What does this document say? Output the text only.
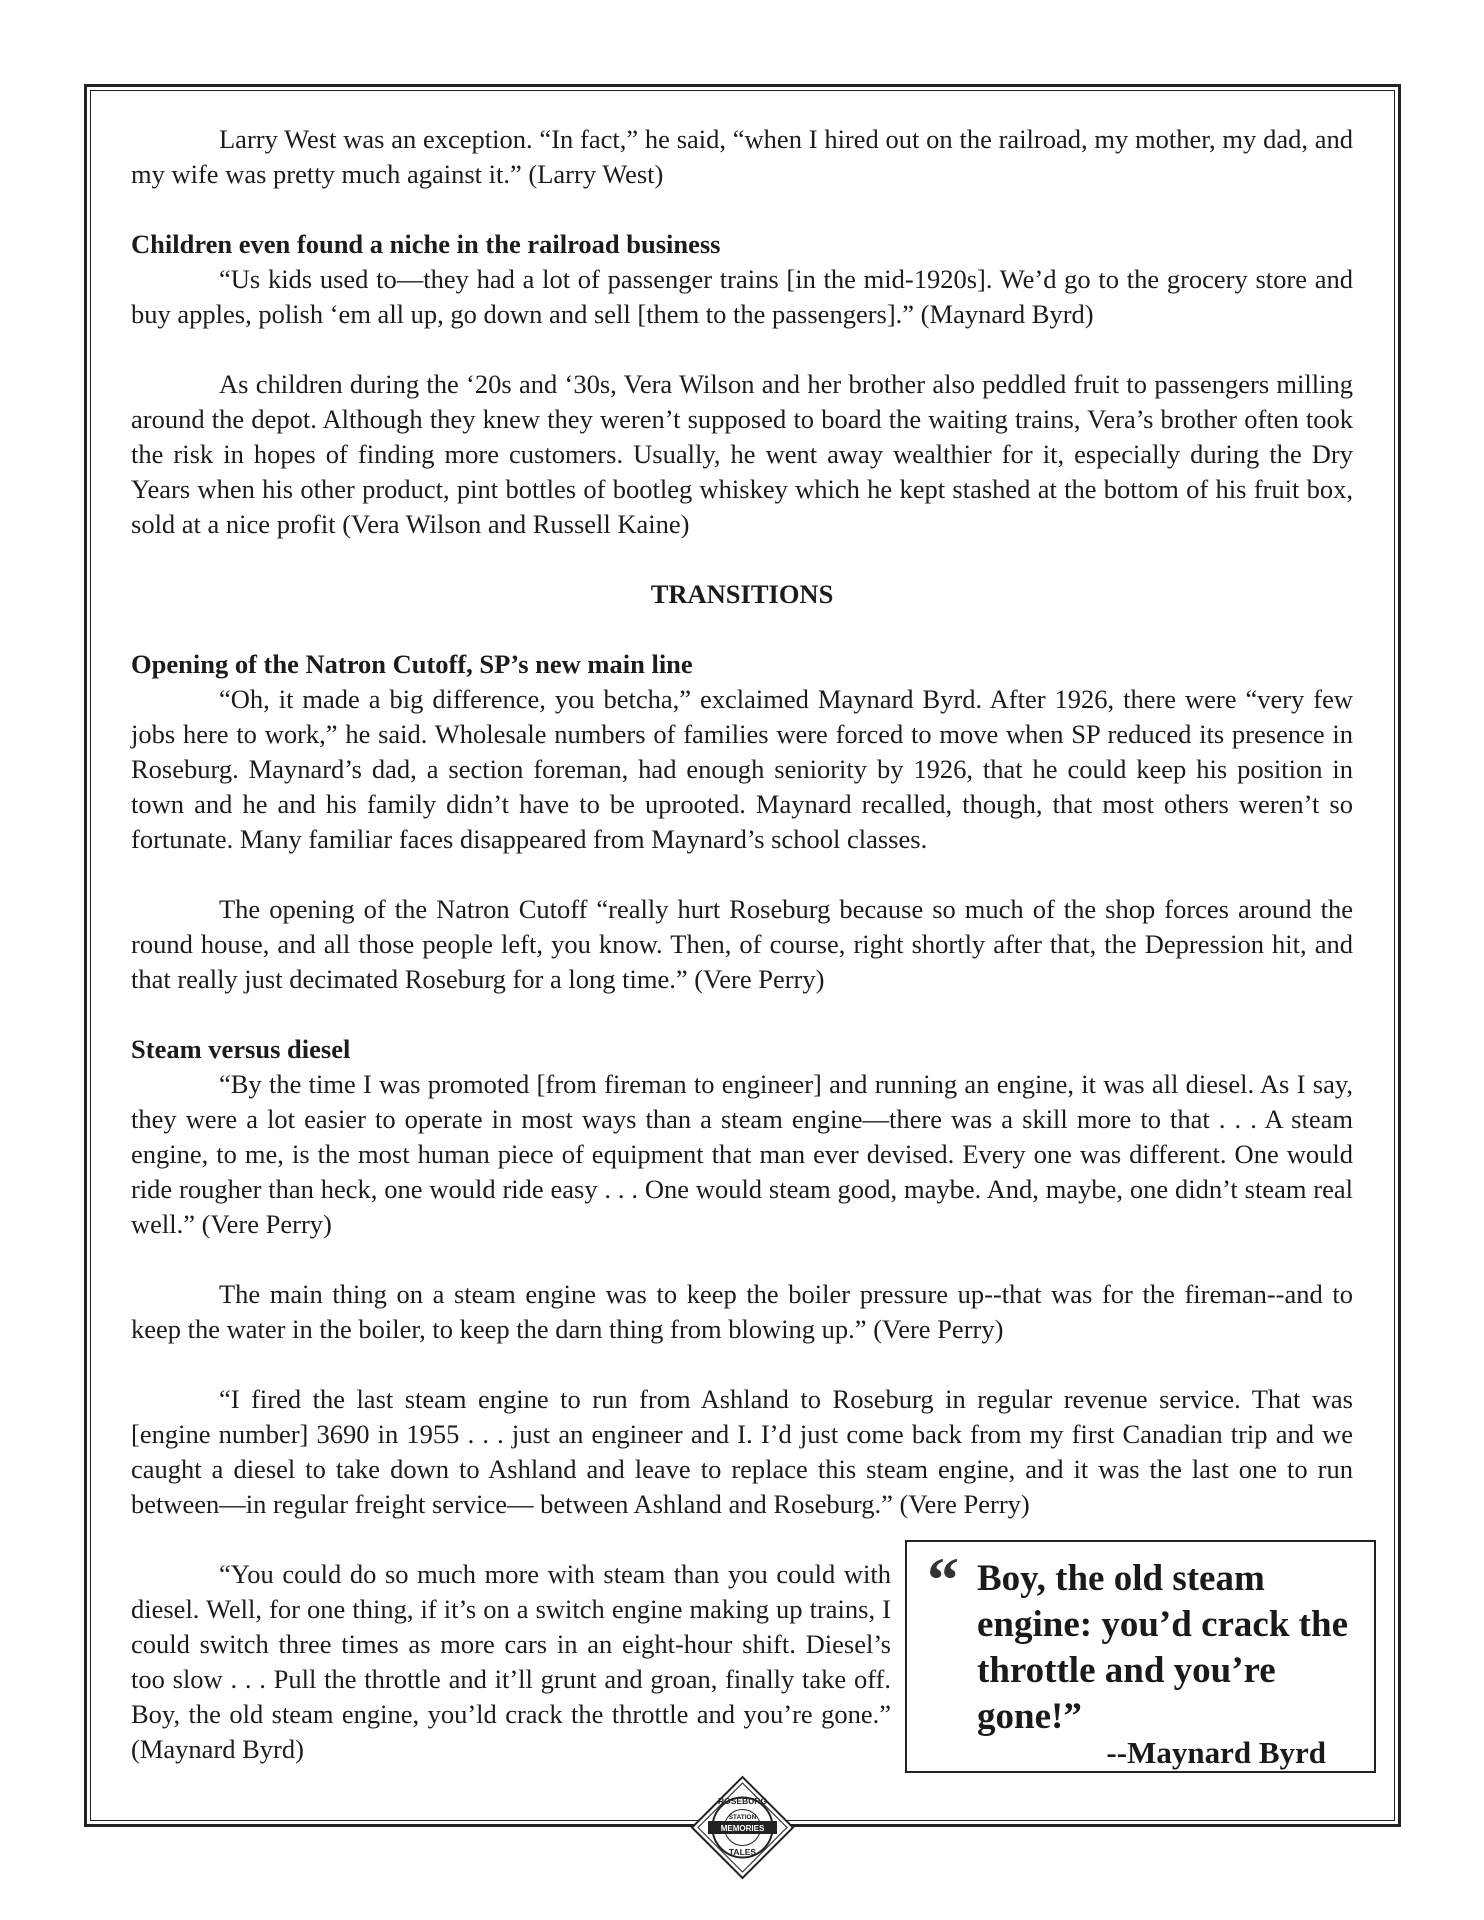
Larry West was an exception. “In fact,” he said, “when I hired out on the railroad, my mother, my dad, and my wife was pretty much against it.” (Larry West)

Children even found a niche in the railroad business

“Us kids used to—they had a lot of passenger trains [in the mid-1920s]. We’d go to the grocery store and buy apples, polish ‘em all up, go down and sell [them to the passengers].” (Maynard Byrd)

As children during the ‘20s and ‘30s, Vera Wilson and her brother also peddled fruit to passengers milling around the depot. Although they knew they weren’t supposed to board the waiting trains, Vera’s brother often took the risk in hopes of finding more customers. Usually, he went away wealthier for it, especially during the Dry Years when his other product, pint bottles of bootleg whiskey which he kept stashed at the bottom of his fruit box, sold at a nice profit (Vera Wilson and Russell Kaine)

TRANSITIONS
Opening of the Natron Cutoff, SP’s new main line

“Oh, it made a big difference, you betcha,” exclaimed Maynard Byrd. After 1926, there were “very few jobs here to work,” he said. Wholesale numbers of families were forced to move when SP reduced its presence in Roseburg. Maynard’s dad, a section foreman, had enough seniority by 1926, that he could keep his position in town and he and his family didn’t have to be uprooted. Maynard recalled, though, that most others weren’t so fortunate. Many familiar faces disappeared from Maynard’s school classes.

The opening of the Natron Cutoff “really hurt Roseburg because so much of the shop forces around the round house, and all those people left, you know. Then, of course, right shortly after that, the Depression hit, and that really just decimated Roseburg for a long time.” (Vere Perry)

Steam versus diesel

“By the time I was promoted [from fireman to engineer] and running an engine, it was all diesel. As I say, they were a lot easier to operate in most ways than a steam engine—there was a skill more to that . . . A steam engine, to me, is the most human piece of equipment that man ever devised. Every one was different. One would ride rougher than heck, one would ride easy . . . One would steam good, maybe. And, maybe, one didn’t steam real well.” (Vere Perry)

The main thing on a steam engine was to keep the boiler pressure up--that was for the fireman--and to keep the water in the boiler, to keep the darn thing from blowing up.” (Vere Perry)

“I fired the last steam engine to run from Ashland to Roseburg in regular revenue service. That was [engine number] 3690 in 1955 . . . just an engineer and I. I’d just come back from my first Canadian trip and we caught a diesel to take down to Ashland and leave to replace this steam engine, and it was the last one to run between—in regular freight service— between Ashland and Roseburg.” (Vere Perry)

“You could do so much more with steam than you could with diesel. Well, for one thing, if it’s on a switch engine making up trains, I could switch three times as more cars in an eight-hour shift. Diesel’s too slow . . . Pull the throttle and it’ll grunt and groan, finally take off. Boy, the old steam engine, you’ld crack the throttle and you’re gone.” (Maynard Byrd)

“ Boy, the old steam engine: you’d crack the throttle and you’re gone!”
--Maynard Byrd
ROSEBURG
STATION
MEMORIES
TALES
